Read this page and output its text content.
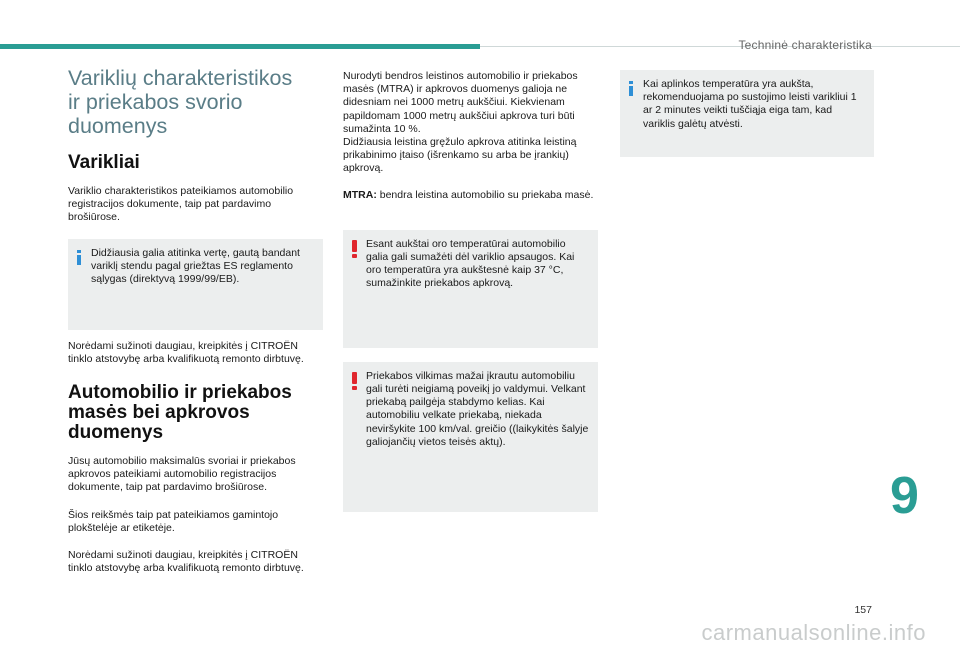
Techninė charakteristika
Variklių charakteristikos
ir priekabos svorio
duomenys
Varikliai

Variklio charakteristikos pateikiamos automobilio registracijos dokumente, taip pat pardavimo brošiūrose.

Didžiausia galia atitinka vertę, gautą bandant variklį stendu pagal griežtas ES reglamento sąlygas (direktyvą 1999/99/EB).

Norėdami sužinoti daugiau, kreipkitės į CITROËN tinklo atstovybę arba kvalifikuotą remonto dirbtuvę.

Automobilio ir priekabos
masės bei apkrovos
duomenys

Jūsų automobilio maksimalūs svoriai ir priekabos apkrovos pateikiami automobilio registracijos dokumente, taip pat pardavimo brošiūrose.

Šios reikšmės taip pat pateikiamos gamintojo plokštelėje ar etiketėje.

Norėdami sužinoti daugiau, kreipkitės į CITROËN tinklo atstovybę arba kvalifikuotą remonto dirbtuvę.

Nurodyti bendros leistinos automobilio ir priekabos masės (MTRA) ir apkrovos duomenys galioja ne didesniam nei 1000 metrų aukščiui. Kiekvienam papildomam 1000 metrų aukščiui apkrova turi būti sumažinta 10 %.

Didžiausia leistina gręžulo apkrova atitinka leistiną prikabinimo įtaiso (išrenkamo su arba be įrankių) apkrovą.

MTRA: bendra leistina automobilio su priekaba masė.

Esant aukštai oro temperatūrai automobilio galia gali sumažėti dėl variklio apsaugos. Kai oro temperatūra yra aukštesnė kaip 37 °C, sumažinkite priekabos apkrovą.

Priekabos vilkimas mažai įkrautu automobiliu gali turėti neigiamą poveikį jo valdymui. Velkant priekabą pailgėja stabdymo kelias. Kai automobiliu velkate priekabą, niekada neviršykite 100 km/val. greičio ((laikykitės šalyje galiojančių vietos teisės aktų).

Kai aplinkos temperatūra yra aukšta, rekomenduojama po sustojimo leisti varikliui 1 ar 2 minutes veikti tuščiąja eiga tam, kad variklis galėtų atvėsti.

9
157
carmanualsonline.info
